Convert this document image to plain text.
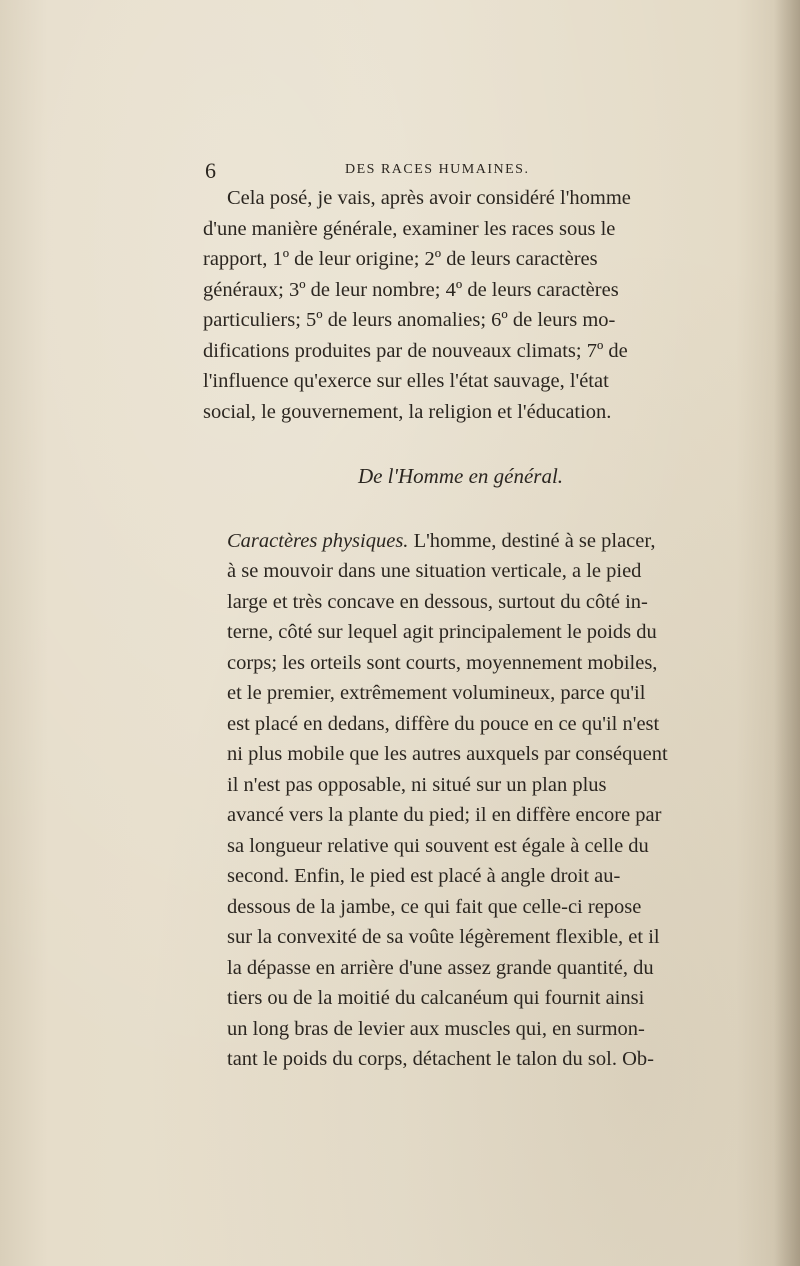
6	DES RACES HUMAINES.
Cela posé, je vais, après avoir considéré l'homme
d'une manière générale, examiner les races sous le
rapport, 1º de leur origine; 2º de leurs caractères
généraux; 3º de leur nombre; 4º de leurs caractères
particuliers; 5º de leurs anomalies; 6º de leurs mo-
difications produites par de nouveaux climats; 7º de
l'influence qu'exerce sur elles l'état sauvage, l'état
social, le gouvernement, la religion et l'éducation.
De l'Homme en général.
Caractères physiques. L'homme, destiné à se placer,
à se mouvoir dans une situation verticale, a le pied
large et très concave en dessous, surtout du côté in-
terne, côté sur lequel agit principalement le poids du
corps; les orteils sont courts, moyennement mobiles,
et le premier, extrêmement volumineux, parce qu'il
est placé en dedans, diffère du pouce en ce qu'il n'est
ni plus mobile que les autres auxquels par conséquent
il n'est pas opposable, ni situé sur un plan plus
avancé vers la plante du pied; il en diffère encore par
sa longueur relative qui souvent est égale à celle du
second. Enfin, le pied est placé à angle droit au-
dessous de la jambe, ce qui fait que celle-ci repose
sur la convexité de sa voûte légèrement flexible, et il
la dépasse en arrière d'une assez grande quantité, du
tiers ou de la moitié du calcanéum qui fournit ainsi
un long bras de levier aux muscles qui, en surmon-
tant le poids du corps, détachent le talon du sol. Ob-
